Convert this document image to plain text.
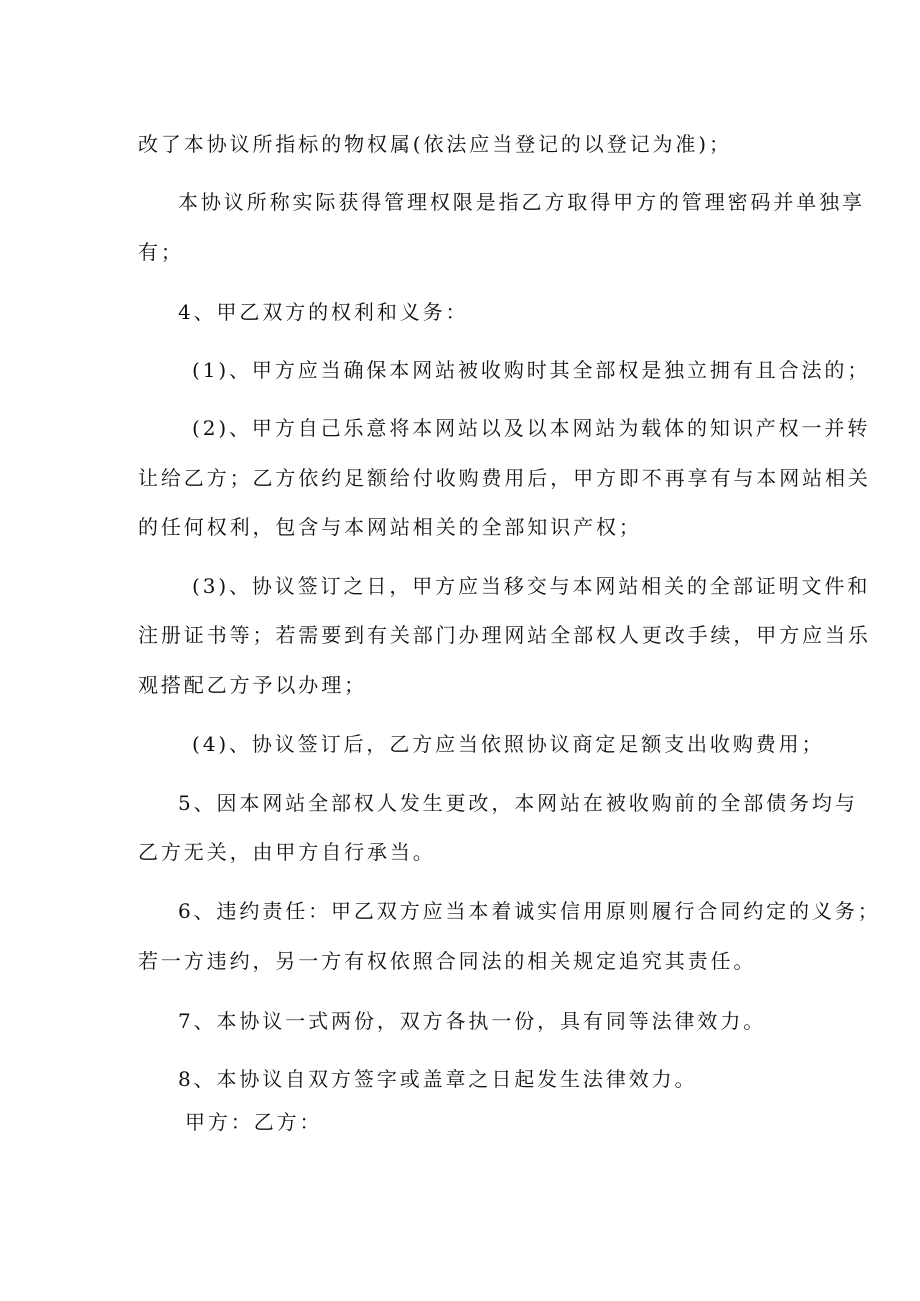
改了本协议所指标的物权属(依法应当登记的以登记为准)；
本协议所称实际获得管理权限是指乙方取得甲方的管理密码并单独享
有；
4、甲乙双方的权利和义务：
(1)、甲方应当确保本网站被收购时其全部权是独立拥有且合法的；
(2)、甲方自己乐意将本网站以及以本网站为载体的知识产权一并转
让给乙方；乙方依约足额给付收购费用后，甲方即不再享有与本网站相关
的任何权利，包含与本网站相关的全部知识产权；
(3)、协议签订之日，甲方应当移交与本网站相关的全部证明文件和
注册证书等；若需要到有关部门办理网站全部权人更改手续，甲方应当乐
观搭配乙方予以办理；
(4)、协议签订后，乙方应当依照协议商定足额支出收购费用；
5、因本网站全部权人发生更改，本网站在被收购前的全部债务均与
乙方无关，由甲方自行承当。
6、违约责任：甲乙双方应当本着诚实信用原则履行合同约定的义务；
若一方违约，另一方有权依照合同法的相关规定追究其责任。
7、本协议一式两份，双方各执一份，具有同等法律效力。
8、本协议自双方签字或盖章之日起发生法律效力。
甲方：乙方：
